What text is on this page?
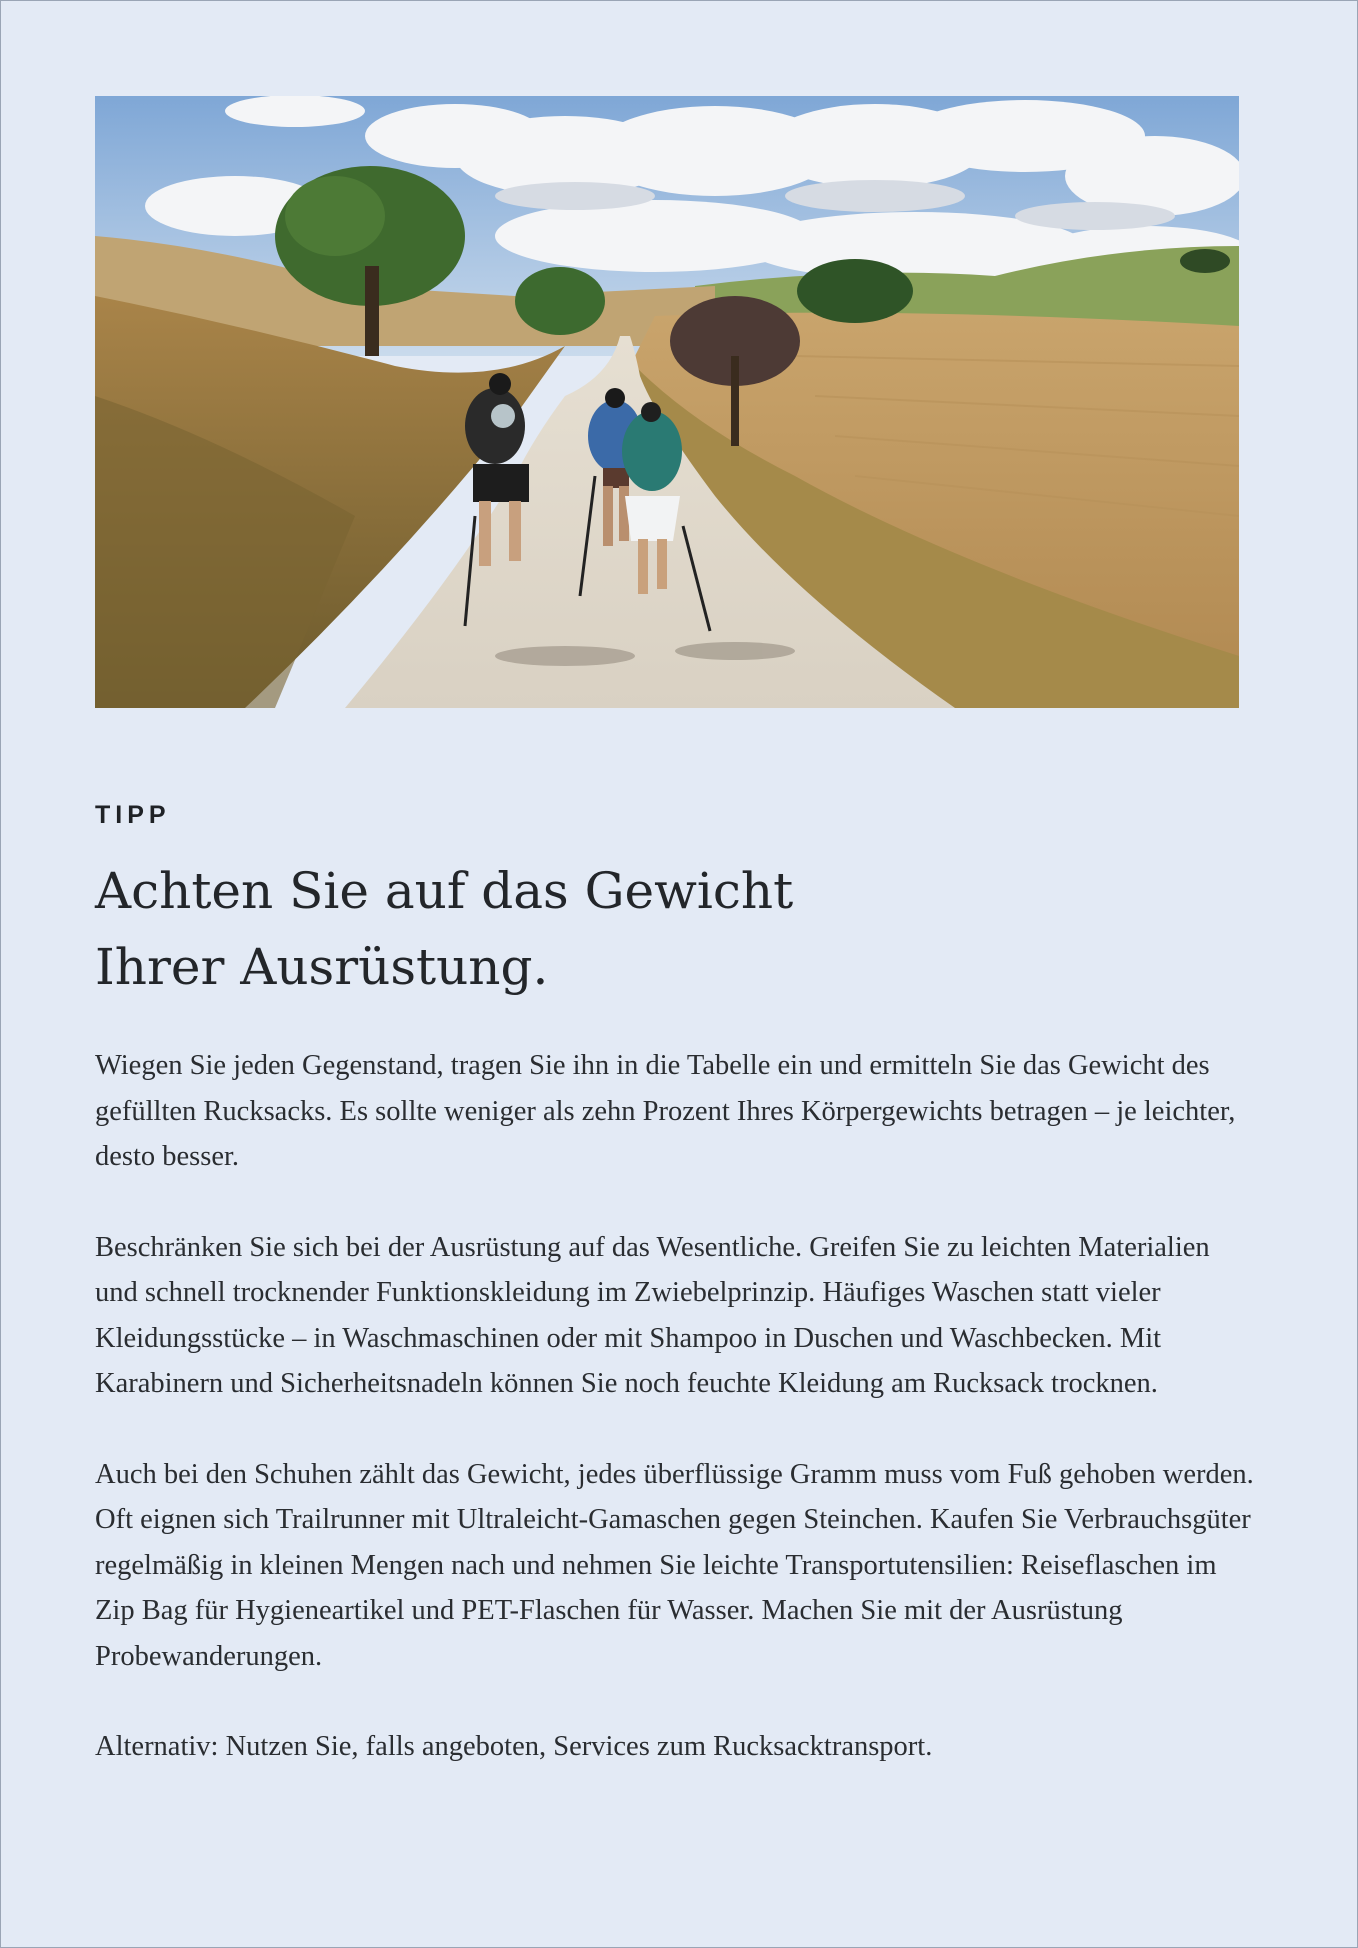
TIPP

Achten Sie auf das Gewicht
Ihrer Ausrüstung.

Wiegen Sie jeden Gegenstand, tragen Sie ihn in die Tabelle ein und ermitteln Sie das Gewicht des gefüllten Rucksacks. Es sollte weniger als zehn Prozent Ihres Körpergewichts betragen – je leichter, desto besser.

Beschränken Sie sich bei der Ausrüstung auf das Wesentliche. Greifen Sie zu leichten Materialien und schnell trocknender Funktionskleidung im Zwiebelprinzip. Häufiges Waschen statt vieler Kleidungsstücke – in Waschmaschinen oder mit Shampoo in Duschen und Waschbecken. Mit Karabinern und Sicherheitsnadeln können Sie noch feuchte Kleidung am Rucksack trocknen.

Auch bei den Schuhen zählt das Gewicht, jedes überflüssige Gramm muss vom Fuß gehoben werden. Oft eignen sich Trailrunner mit Ultraleicht-Gamaschen gegen Steinchen. Kaufen Sie Verbrauchsgüter regelmäßig in kleinen Mengen nach und nehmen Sie leichte Transportutensilien: Reiseflaschen im Zip Bag für Hygieneartikel und PET-Flaschen für Wasser. Machen Sie mit der Ausrüstung Probewanderungen.

Alternativ: Nutzen Sie, falls angeboten, Services zum Rucksacktransport.
